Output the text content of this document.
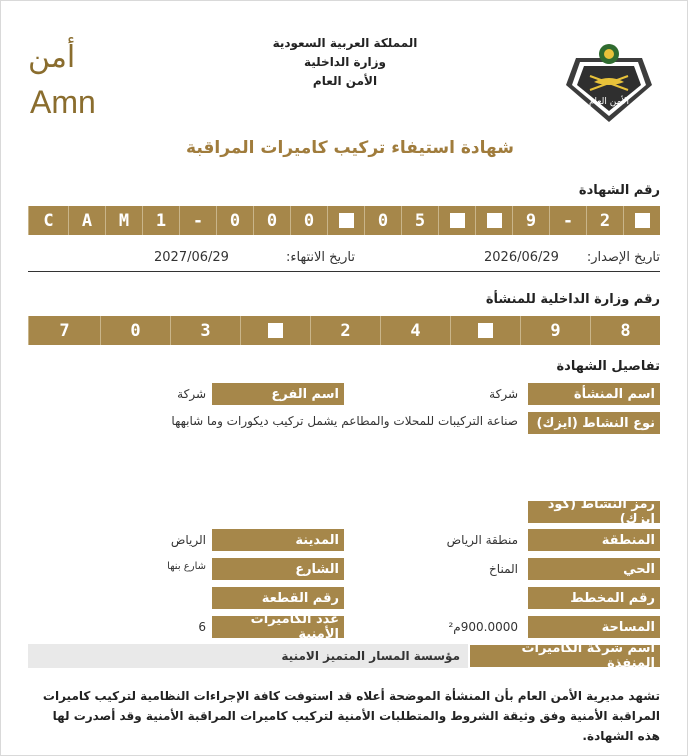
أمن
Amn
المملكة العربية السعودية
وزارة الداخلية
الأمن العام
الأمن العام
شهادة استيفاء تركيب كاميرات المراقبة
رقم الشهادة
2
-
9
5
0
0
0
0
-
1
M
A
C
تاريخ الإصدار:
2026/06/29
تاريخ الانتهاء:
2027/06/29
رقم وزارة الداخلية للمنشأة
8
9
4
2
3
0
7
تفاصيل الشهادة
اسم المنشأة
شركة
اسم الفرع
شركة
نوع النشاط (ايزك)
صناعة التركيبات للمحلات والمطاعم يشمل تركيب ديكورات وما شابهها
رمز النشاط (كود ايزك)
المنطقة
منطقة الرياض
المدينة
الرياض
الحي
المناخ
الشارع
شارع بنها
رقم المخطط
رقم القطعة
المساحة
900.0000م²
عدد الكاميرات الأمنية
6
اسم شركة الكاميرات المنفذة
مؤسسة المسار المتميز الامنية
تشهد مديرية الأمن العام بأن المنشأة الموضحة أعلاه قد استوفت كافة الإجراءات النظامية لتركيب كاميرات المراقبة الأمنية وفق وثيقة الشروط والمتطلبات الأمنية لتركيب كاميرات المراقبة الأمنية وقد أصدرت لها هذه الشهادة.
